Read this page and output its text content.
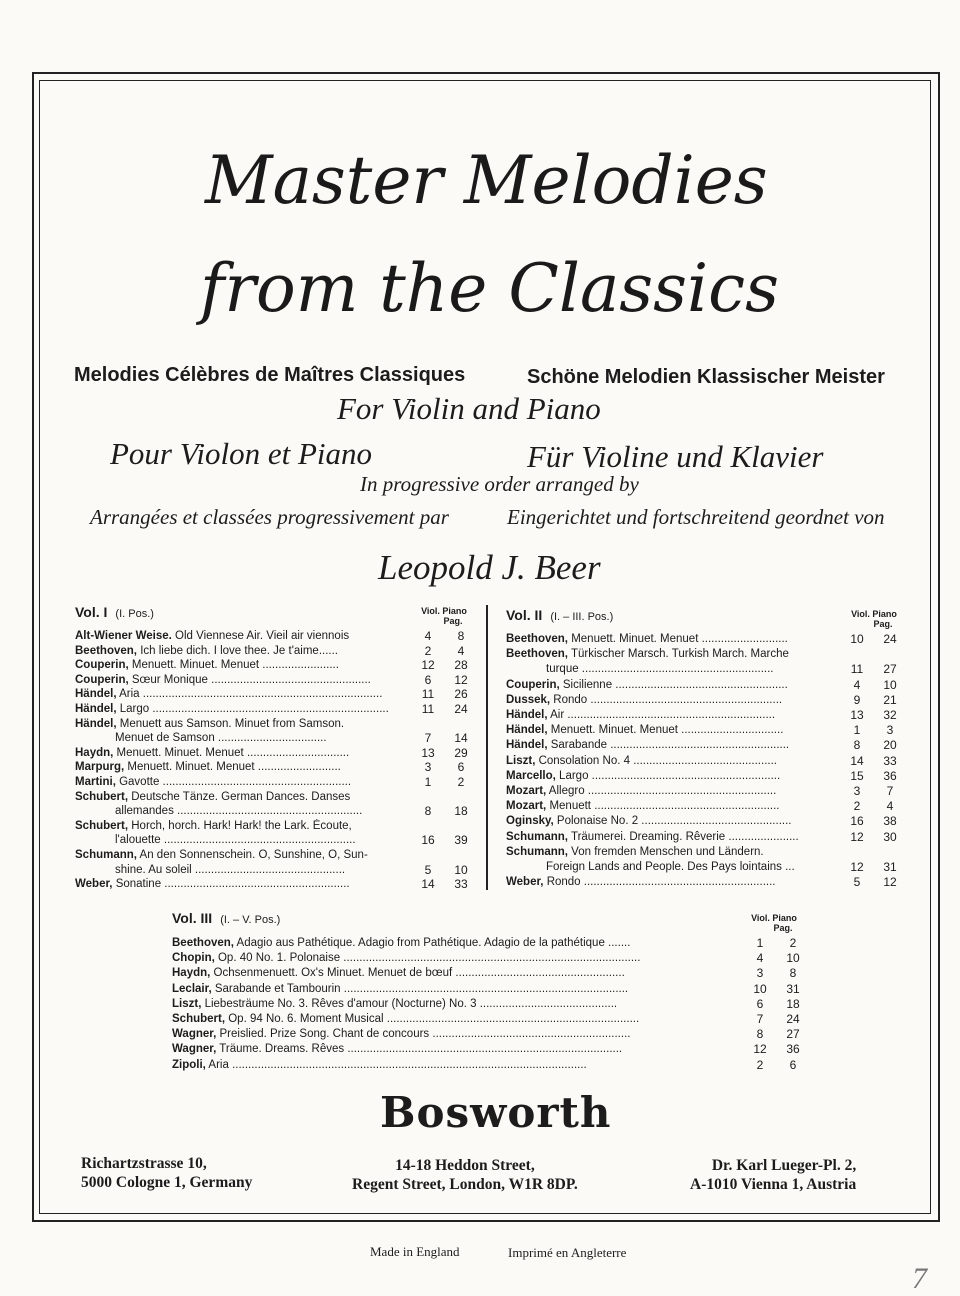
Master Melodies
from the Classics
Melodies Célèbres de Maîtres Classiques	Schöne Melodien Klassischer Meister
For Violin and Piano
Pour Violon et Piano	Für Violine und Klavier
In progressive order arranged by
Arrangées et classées progressivement par	Eingerichtet und fortschreitend geordnet von
Leopold J. Beer
Vol. I (I. Pos.)	Viol. Piano
Pag.
Alt-Wiener Weise. Old Viennese Air. Vieil air viennois	4	8
Beethoven, Ich liebe dich. I love thee. Je t'aime......	2	4
Couperin, Menuett. Minuet. Menuet ........................	12	28
Couperin, Sœur Monique ..................................................	6	12
Händel, Aria ...........................................................................	11	26
Händel, Largo ..........................................................................	11	24
Händel, Menuett aus Samson. Minuet from Samson.
Menuet de Samson ..................................	7	14
Haydn, Menuett. Minuet. Menuet ................................	13	29
Marpurg, Menuett. Minuet. Menuet ..........................	3	6
Martini, Gavotte ...........................................................	1	2
Schubert, Deutsche Tänze. German Dances. Danses
allemandes ..........................................................	8	18
Schubert, Horch, horch. Hark! Hark! the Lark. Écoute,
l'alouette ............................................................	16	39
Schumann, An den Sonnenschein. O, Sunshine, O, Sun-
shine. Au soleil ...............................................	5	10
Weber, Sonatine ..........................................................	14	33
Vol. II (I. – III. Pos.)	Viol. Piano
Pag.
Beethoven, Menuett. Minuet. Menuet ...........................	10	24
Beethoven, Türkischer Marsch. Turkish March. Marche
turque ............................................................	11	27
Couperin, Sicilienne ......................................................	4	10
Dussek, Rondo ............................................................	9	21
Händel, Air .................................................................	13	32
Händel, Menuett. Minuet. Menuet ................................	1	3
Händel, Sarabande ........................................................	8	20
Liszt, Consolation No. 4 .............................................	14	33
Marcello, Largo ...........................................................	15	36
Mozart, Allegro ...........................................................	3	7
Mozart, Menuett ..........................................................	2	4
Oginsky, Polonaise No. 2 ...............................................	16	38
Schumann, Träumerei. Dreaming. Rêverie ......................	12	30
Schumann, Von fremden Menschen und Ländern.
Foreign Lands and People. Des Pays lointains ...	12	31
Weber, Rondo ............................................................	5	12
Vol. III (I. – V. Pos.)	Viol. Piano
Pag.
Beethoven, Adagio aus Pathétique. Adagio from Pathétique. Adagio de la pathétique .......	1	2
Chopin, Op. 40 No. 1. Polonaise .............................................................................................	4	10
Haydn, Ochsenmenuett. Ox's Minuet. Menuet de bœuf .....................................................	3	8
Leclair, Sarabande et Tambourin .........................................................................................	10	31
Liszt, Liebesträume No. 3. Rêves d'amour (Nocturne) No. 3 ...........................................	6	18
Schubert, Op. 94 No. 6. Moment Musical ...............................................................................	7	24
Wagner, Preislied. Prize Song. Chant de concours ..............................................................	8	27
Wagner, Träume. Dreams. Rêves ......................................................................................	12	36
Zipoli, Aria ...............................................................................................................	2	6
Bosworth
Richartzstrasse 10,
5000 Cologne 1, Germany
14-18 Heddon Street,
Regent Street, London, W1R 8DP.
Dr. Karl Lueger-Pl. 2,
A-1010 Vienna 1, Austria
Made in England	Imprimé en Angleterre
7
